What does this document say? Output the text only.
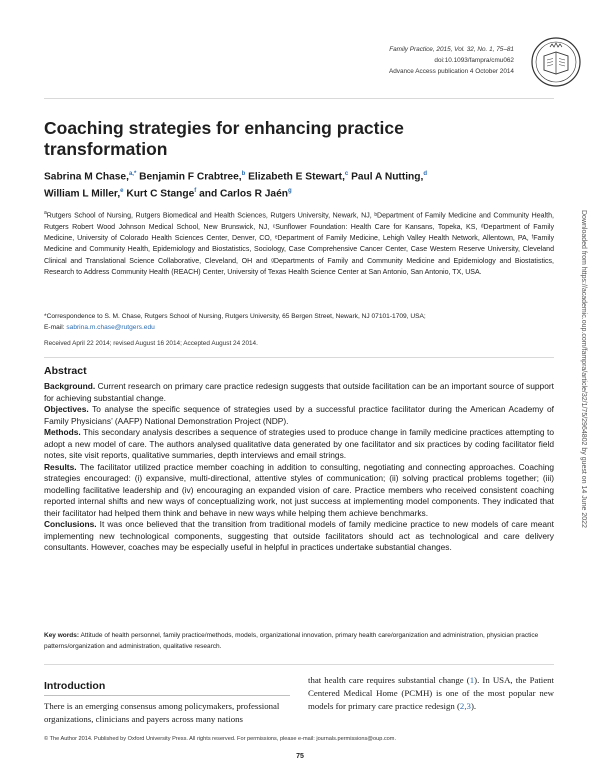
Family Practice, 2015, Vol. 32, No. 1, 75–81
doi:10.1093/fampra/cmu062
Advance Access publication 4 October 2014
Coaching strategies for enhancing practice transformation
Sabrina M Chase,$^{a,*}$ Benjamin F Crabtree,$^b$ Elizabeth E Stewart,$^c$ Paul A Nutting,$^d$
William L Miller,$^e$ Kurt C Stange$^f$ and Carlos R Jaén$^g$
$^a$Rutgers School of Nursing, Rutgers Biomedical and Health Sciences, Rutgers University, Newark, NJ, ᵇDepartment of Family Medicine and Community Health, Rutgers Robert Wood Johnson Medical School, New Brunswick, NJ, ᶜSunflower Foundation: Health Care for Kansans, Topeka, KS, ᵈDepartment of Family Medicine, University of Colorado Health Sciences Center, Denver, CO, ᵉDepartment of Family Medicine, Lehigh Valley Health Network, Allentown, PA, ᶠFamily Medicine and Community Health, Epidemiology and Biostatistics, Sociology, Case Comprehensive Cancer Center, Case Western Reserve University, Cleveland Clinical and Translational Science Collaborative, Cleveland, OH and ᵍDepartments of Family and Community Medicine and Epidemiology and Biostatistics, Research to Address Community Health (REACH) Center, University of Texas Health Science Center at San Antonio, San Antonio, TX, USA.
*Correspondence to S. M. Chase, Rutgers School of Nursing, Rutgers University, 65 Bergen Street, Newark, NJ 07101-1709, USA;
E-mail: sabrina.m.chase@rutgers.edu
Received April 22 2014; revised August 16 2014; Accepted August 24 2014.
Abstract

Background. Current research on primary care practice redesign suggests that outside facilitation can be an important source of support for achieving substantial change.

Objectives. To analyse the specific sequence of strategies used by a successful practice facilitator during the American Academy of Family Physicians’ (AAFP) National Demonstration Project (NDP).

Methods. This secondary analysis describes a sequence of strategies used to produce change in family medicine practices attempting to adopt a new model of care. The authors analysed qualitative data generated by one facilitator and six practices by coding facilitator field notes, site visit reports, qualitative summaries, depth interviews and email strings.

Results. The facilitator utilized practice member coaching in addition to consulting, negotiating and connecting approaches. Coaching strategies encouraged: (i) expansive, multi-directional, attentive styles of communication; (ii) solving practical problems together; (iii) modelling facilitative leadership and (iv) encouraging an expanded vision of care. Practice members who received consistent coaching reported internal shifts and new ways of conceptualizing work, not just success at implementing model components. They indicated that their facilitator had helped them think and behave in new ways while helping them achieve benchmarks.

Conclusions. It was once believed that the transition from traditional models of family medicine practice to new models of care meant implementing new technological components, suggesting that outside facilitators should act as technological and care delivery consultants. However, coaches may be especially useful in helpful in practices undertake substantial changes.

Key words: Attitude of health personnel, family practice/methods, models, organizational innovation, primary health care/organization and administration, physician practice patterns/organization and administration, qualitative research.
Introduction
There is an emerging consensus among policymakers, professional organizations, clinicians and payers across many nations
that health care requires substantial change (1). In USA, the Patient Centered Medical Home (PCMH) is one of the most popular new models for primary care practice redesign (2,3).
© The Author 2014. Published by Oxford University Press. All rights reserved. For permissions, please e-mail: journals.permissions@oup.com.
75
Downloaded from https://academic.oup.com/fampra/article/32/1/75/2964802 by guest on 14 June 2022
